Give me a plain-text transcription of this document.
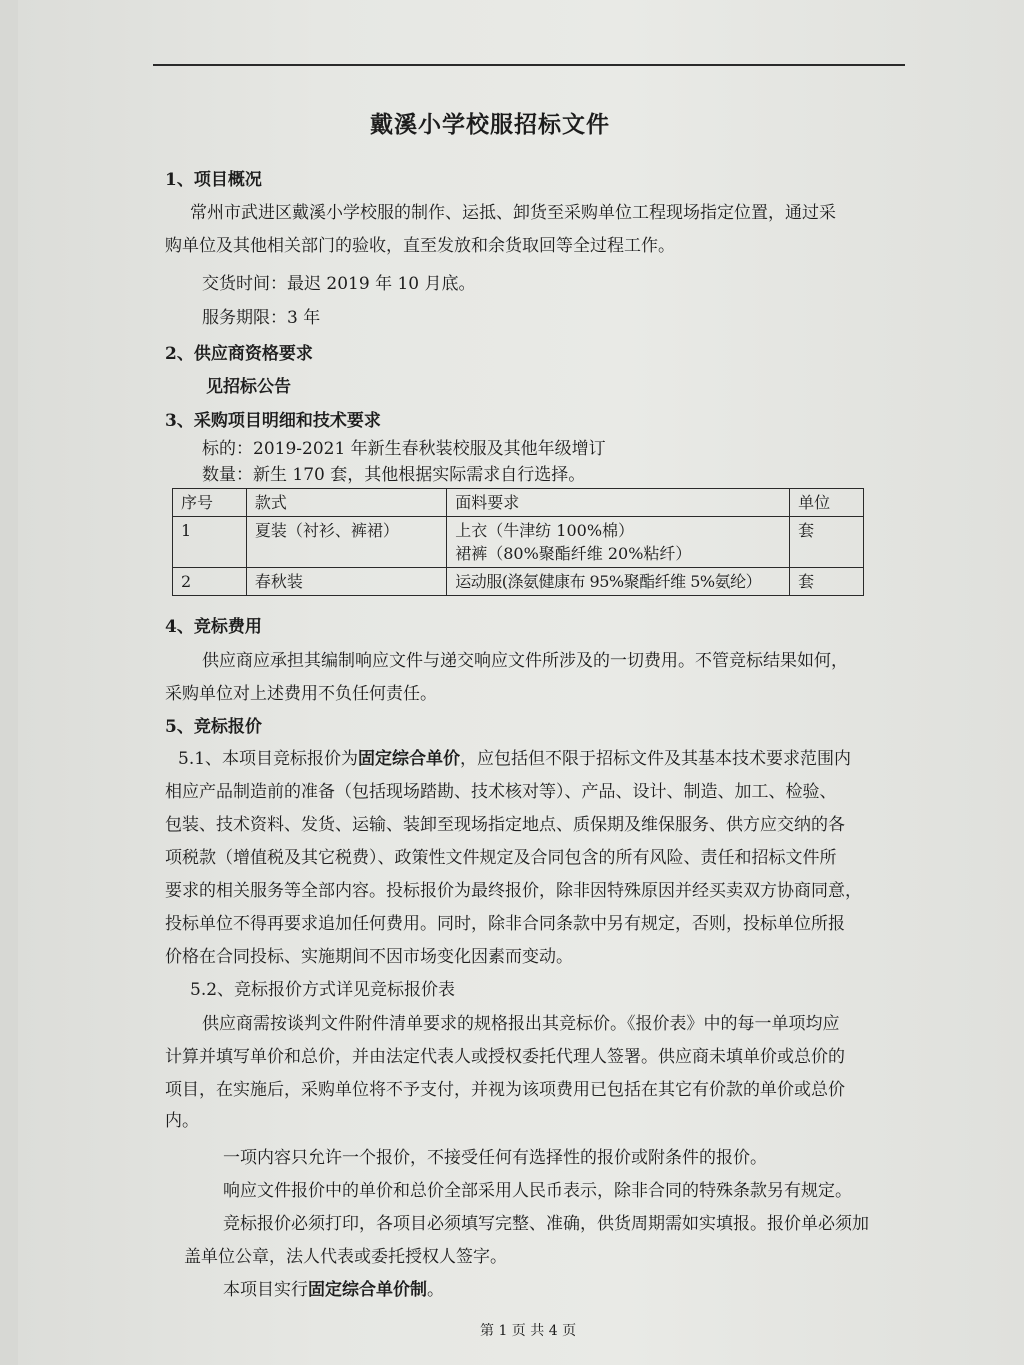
戴溪小学校服招标文件
1、项目概况
常州市武进区戴溪小学校服的制作、运抵、卸货至采购单位工程现场指定位置，通过采
购单位及其他相关部门的验收，直至发放和余货取回等全过程工作。
交货时间：最迟 2019 年 10 月底。
服务期限：3 年
2、供应商资格要求
见招标公告
3、采购项目明细和技术要求
标的：2019-2021 年新生春秋装校服及其他年级增订
数量：新生 170 套，其他根据实际需求自行选择。
序号	款式	面料要求	单位
1	夏装（衬衫、裤裙）	上衣（牛津纺 100%棉）
裙裤（80%聚酯纤维 20%粘纤）	套
2	春秋装	运动服(涤氨健康布 95%聚酯纤维 5%氨纶）	套
4、竞标费用
供应商应承担其编制响应文件与递交响应文件所涉及的一切费用。不管竞标结果如何，
采购单位对上述费用不负任何责任。
5、竞标报价
5.1、本项目竞标报价为固定综合单价，应包括但不限于招标文件及其基本技术要求范围内
相应产品制造前的准备（包括现场踏勘、技术核对等）、产品、设计、制造、加工、检验、
包装、技术资料、发货、运输、装卸至现场指定地点、质保期及维保服务、供方应交纳的各
项税款（增值税及其它税费）、政策性文件规定及合同包含的所有风险、责任和招标文件所
要求的相关服务等全部内容。投标报价为最终报价，除非因特殊原因并经买卖双方协商同意，
投标单位不得再要求追加任何费用。同时，除非合同条款中另有规定，否则，投标单位所报
价格在合同投标、实施期间不因市场变化因素而变动。
5.2、竞标报价方式详见竞标报价表
供应商需按谈判文件附件清单要求的规格报出其竞标价。《报价表》中的每一单项均应
计算并填写单价和总价，并由法定代表人或授权委托代理人签署。供应商未填单价或总价的
项目，在实施后，采购单位将不予支付，并视为该项费用已包括在其它有价款的单价或总价
内。
一项内容只允许一个报价，不接受任何有选择性的报价或附条件的报价。
响应文件报价中的单价和总价全部采用人民币表示，除非合同的特殊条款另有规定。
竞标报价必须打印，各项目必须填写完整、准确，供货周期需如实填报。报价单必须加
盖单位公章，法人代表或委托授权人签字。
本项目实行固定综合单价制。
第 1 页 共 4 页
